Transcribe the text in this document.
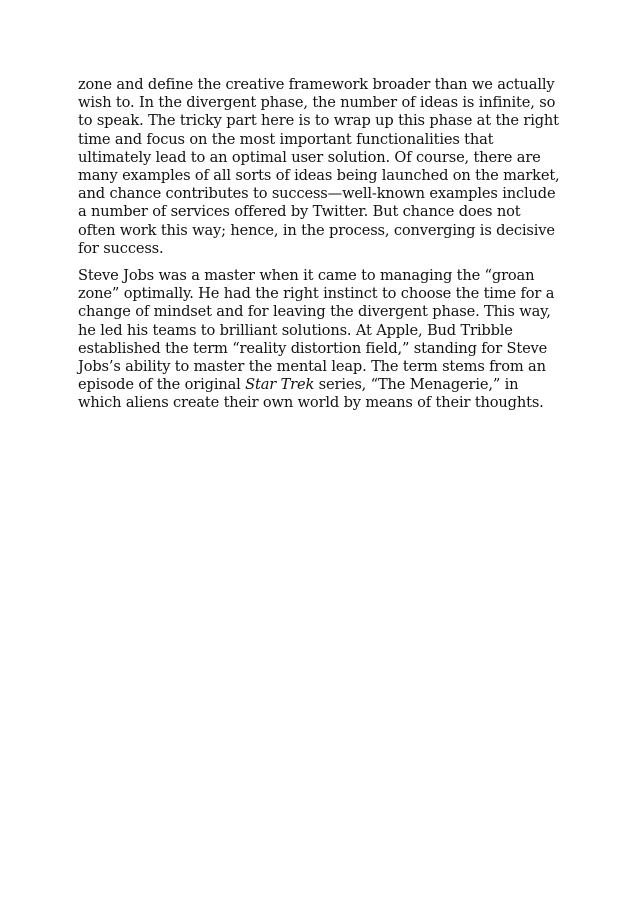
zone and define the creative framework broader than we actually wish to. In the divergent phase, the number of ideas is infinite, so to speak. The tricky part here is to wrap up this phase at the right time and focus on the most important functionalities that ultimately lead to an optimal user solution. Of course, there are many examples of all sorts of ideas being launched on the market, and chance contributes to success—well-known examples include a number of services offered by Twitter. But chance does not often work this way; hence, in the process, converging is decisive for success.

Steve Jobs was a master when it came to managing the “groan zone” optimally. He had the right instinct to choose the time for a change of mindset and for leaving the divergent phase. This way, he led his teams to brilliant solutions. At Apple, Bud Tribble established the term “reality distortion field,” standing for Steve Jobs’s ability to master the mental leap. The term stems from an episode of the original Star Trek series, “The Menagerie,” in which aliens create their own world by means of their thoughts.
